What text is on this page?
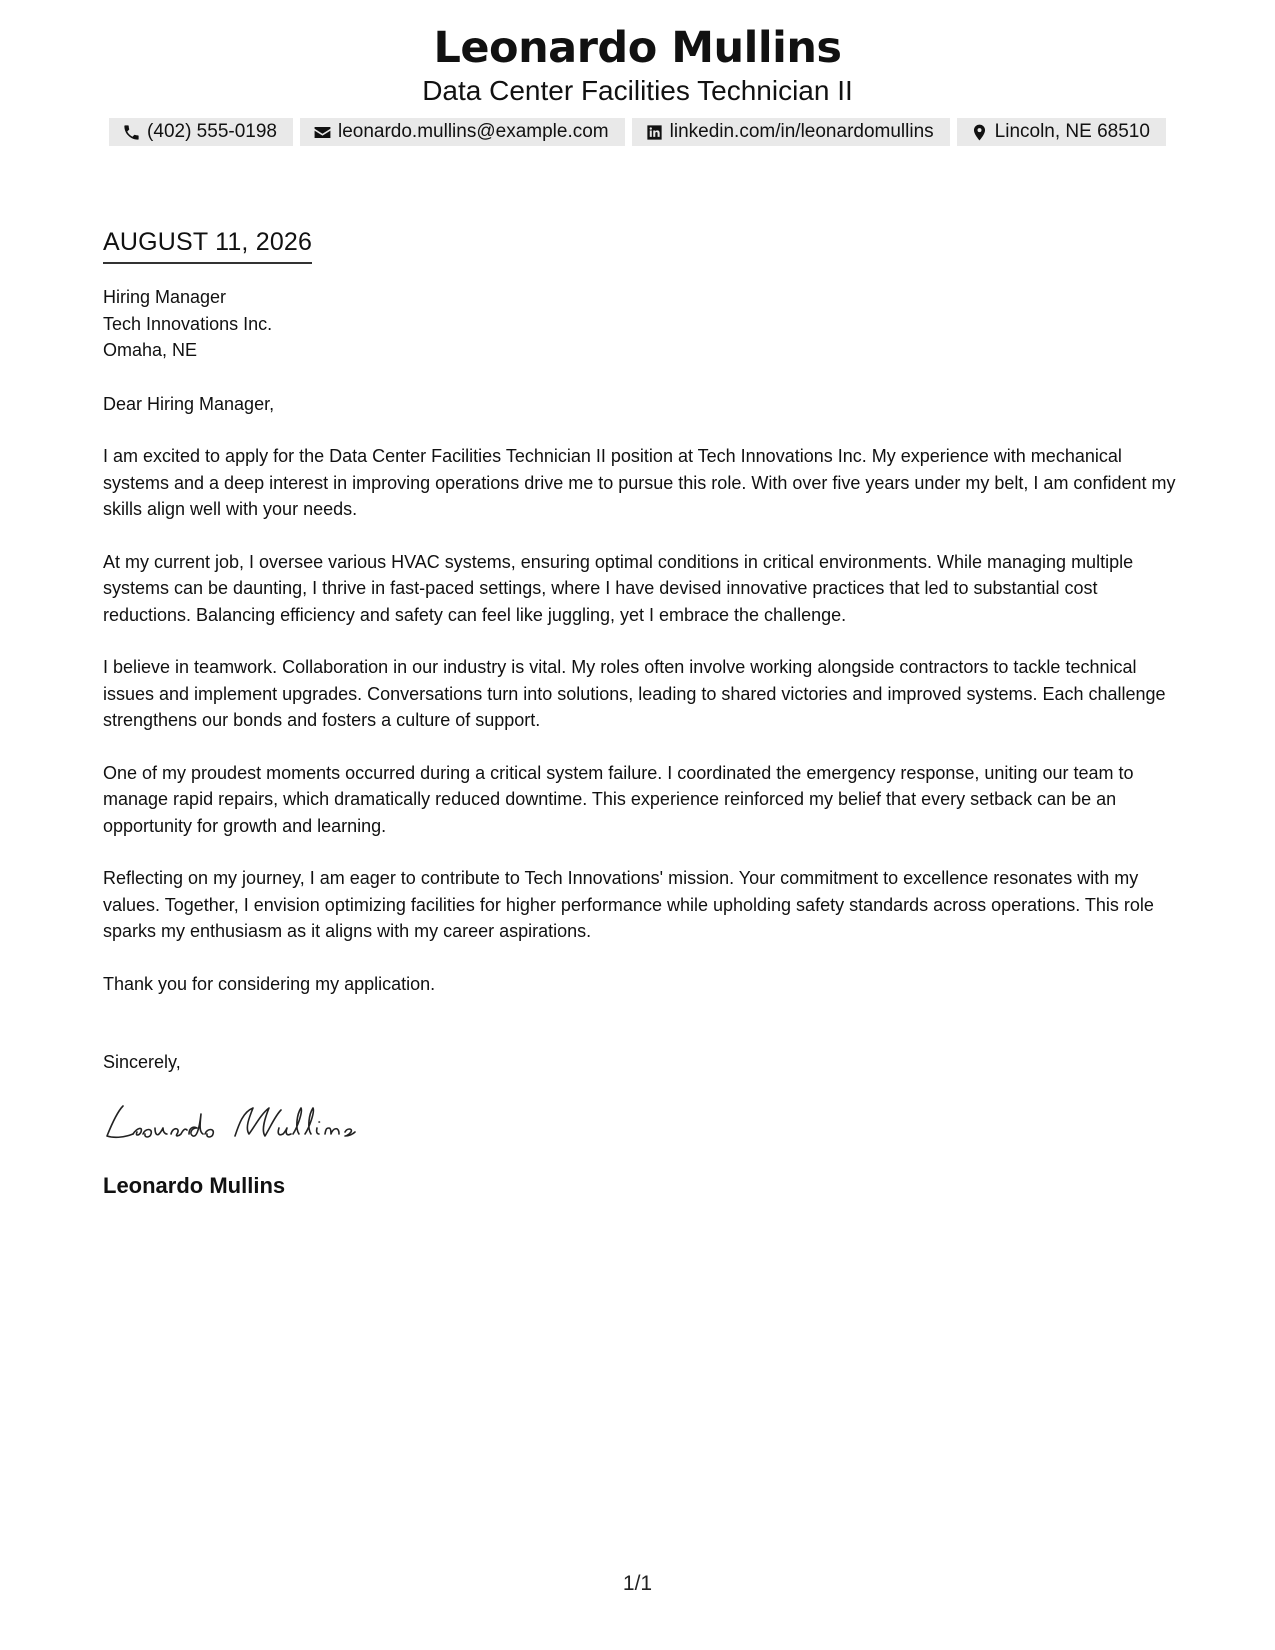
Leonardo Mullins
Data Center Facilities Technician II
(402) 555-0198	leonardo.mullins@example.com	linkedin.com/in/leonardomullins	Lincoln, NE 68510
AUGUST 11, 2026
Hiring Manager
Tech Innovations Inc.
Omaha, NE
Dear Hiring Manager,
I am excited to apply for the Data Center Facilities Technician II position at Tech Innovations Inc. My experience with mechanical systems and a deep interest in improving operations drive me to pursue this role. With over five years under my belt, I am confident my skills align well with your needs.
At my current job, I oversee various HVAC systems, ensuring optimal conditions in critical environments. While managing multiple systems can be daunting, I thrive in fast-paced settings, where I have devised innovative practices that led to substantial cost reductions. Balancing efficiency and safety can feel like juggling, yet I embrace the challenge.
I believe in teamwork. Collaboration in our industry is vital. My roles often involve working alongside contractors to tackle technical issues and implement upgrades. Conversations turn into solutions, leading to shared victories and improved systems. Each challenge strengthens our bonds and fosters a culture of support.
One of my proudest moments occurred during a critical system failure. I coordinated the emergency response, uniting our team to manage rapid repairs, which dramatically reduced downtime. This experience reinforced my belief that every setback can be an opportunity for growth and learning.
Reflecting on my journey, I am eager to contribute to Tech Innovations' mission. Your commitment to excellence resonates with my values. Together, I envision optimizing facilities for higher performance while upholding safety standards across operations. This role sparks my enthusiasm as it aligns with my career aspirations.
Thank you for considering my application.
Sincerely,
Leonardo Mullins
1/1
